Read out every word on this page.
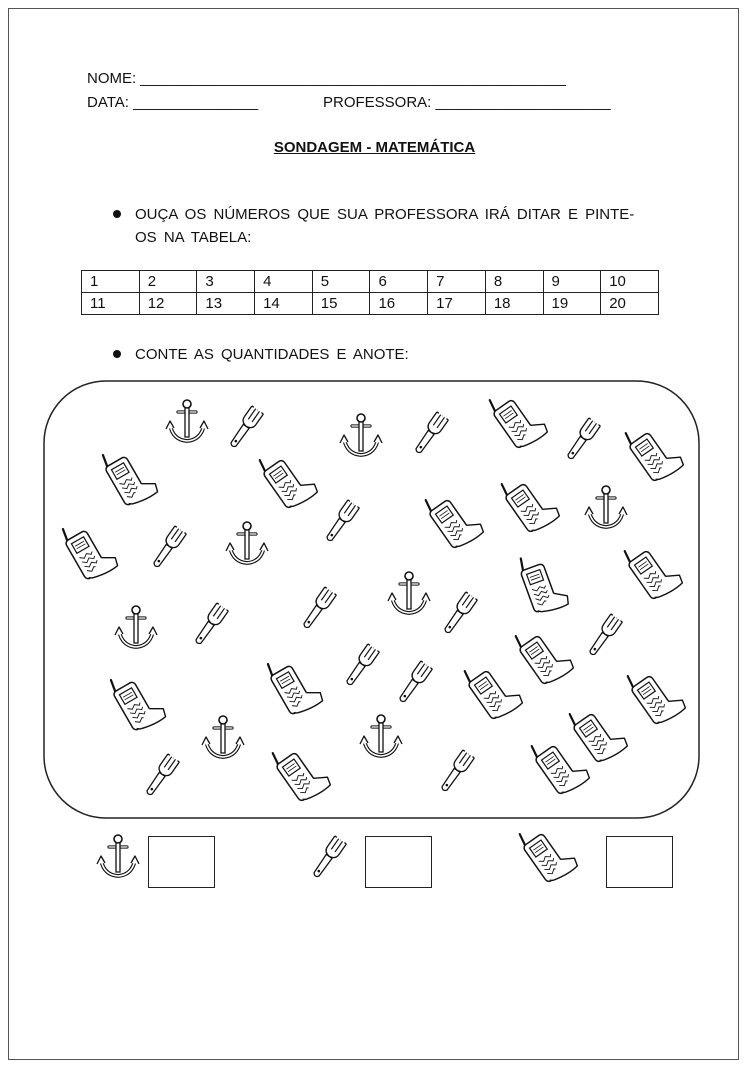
NOME: ___________________________________________________
DATA: _______________	PROFESSORA: _____________________
SONDAGEM - MATEMÁTICA
OUÇA OS NÚMEROS QUE SUA PROFESSORA IRÁ DITAR E PINTE-
OS NA TABELA:
1	2	3	4	5	6	7	8	9	10
11	12	13	14	15	16	17	18	19	20
CONTE AS QUANTIDADES E ANOTE:
